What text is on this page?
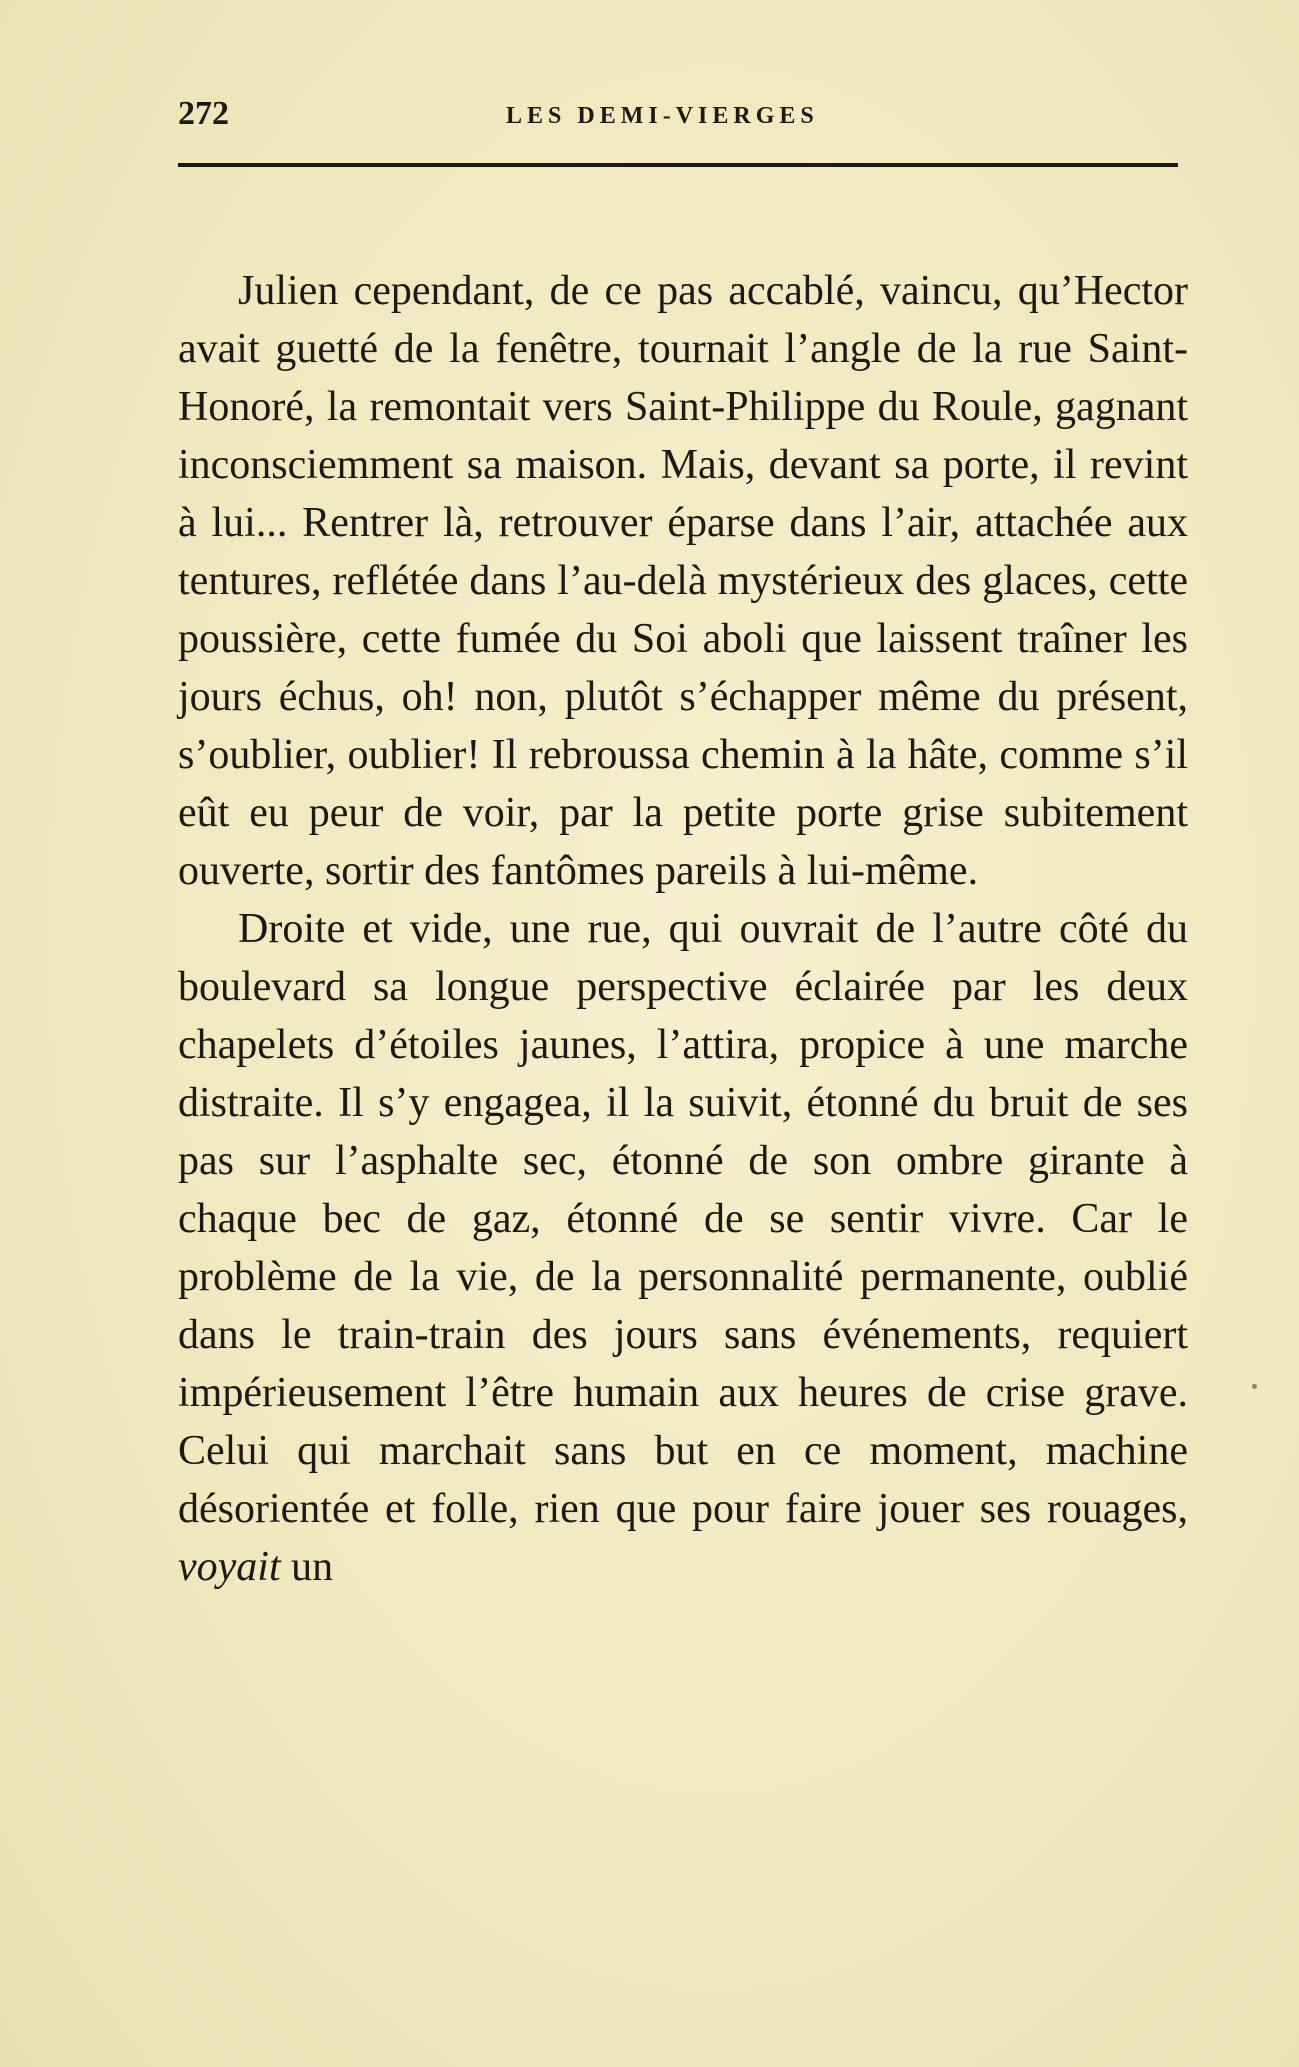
272	LES DEMI-VIERGES

Julien cependant, de ce pas accablé, vaincu, qu’Hector avait guetté de la fenêtre, tournait l’angle de la rue Saint-Honoré, la remontait vers Saint-Philippe du Roule, gagnant inconsciemment sa maison. Mais, devant sa porte, il revint à lui... Rentrer là, retrouver éparse dans l’air, attachée aux tentures, reflétée dans l’au-delà mystérieux des glaces, cette poussière, cette fumée du Soi aboli que laissent traîner les jours échus, oh! non, plutôt s’échapper même du présent, s’oublier, oublier! Il rebroussa chemin à la hâte, comme s’il eût eu peur de voir, par la petite porte grise subitement ouverte, sortir des fantômes pareils à lui-même.

Droite et vide, une rue, qui ouvrait de l’autre côté du boulevard sa longue perspective éclairée par les deux chapelets d’étoiles jaunes, l’attira, propice à une marche distraite. Il s’y engagea, il la suivit, étonné du bruit de ses pas sur l’asphalte sec, étonné de son ombre girante à chaque bec de gaz, étonné de se sentir vivre. Car le problème de la vie, de la personnalité permanente, oublié dans le train-train des jours sans événements, requiert impérieusement l’être humain aux heures de crise grave. Celui qui marchait sans but en ce moment, machine désorientée et folle, rien que pour faire jouer ses rouages, voyait un
